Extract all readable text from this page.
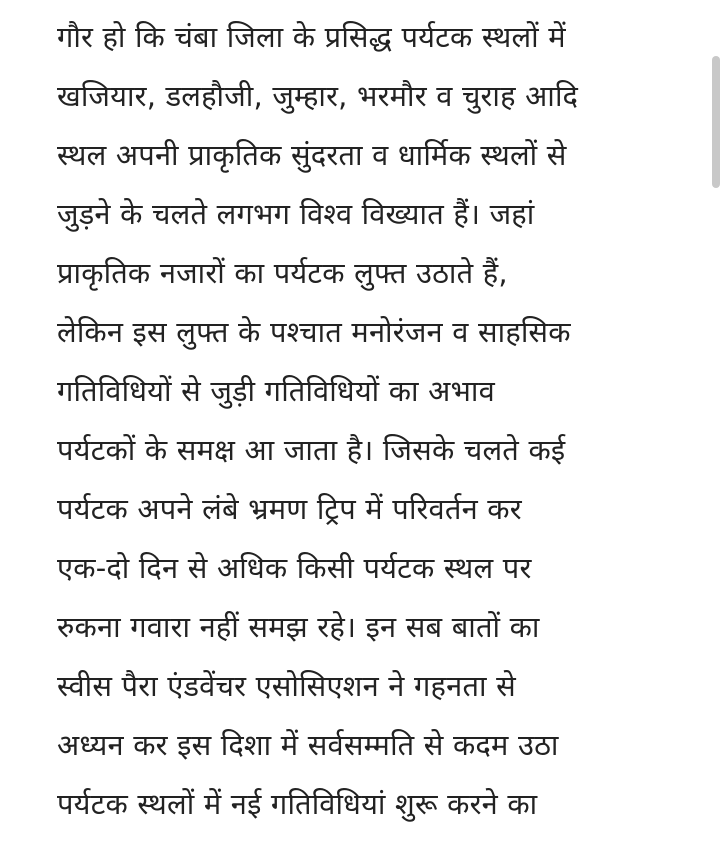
गौर हो कि चंबा जिला के प्रसिद्ध पर्यटक स्थलों में
खजियार, डलहौजी, जुम्हार, भरमौर व चुराह आदि
स्थल अपनी प्राकृतिक सुंदरता व धार्मिक स्थलों से
जुड़ने के चलते लगभग विश्व विख्यात हैं। जहां
प्राकृतिक नजारों का पर्यटक लुफ्त उठाते हैं,
लेकिन इस लुफ्त के पश्चात मनोरंजन व साहसिक
गतिविधियों से जुड़ी गतिविधियों का अभाव
पर्यटकों के समक्ष आ जाता है। जिसके चलते कई
पर्यटक अपने लंबे भ्रमण ट्रिप में परिवर्तन कर
एक-दो दिन से अधिक किसी पर्यटक स्थल पर
रुकना गवारा नहीं समझ रहे। इन सब बातों का
स्वीस पैरा एंडवेंचर एसोसिएशन ने गहनता से
अध्यन कर इस दिशा में सर्वसम्मति से कदम उठा
पर्यटक स्थलों में नई गतिविधियां शुरू करने का
